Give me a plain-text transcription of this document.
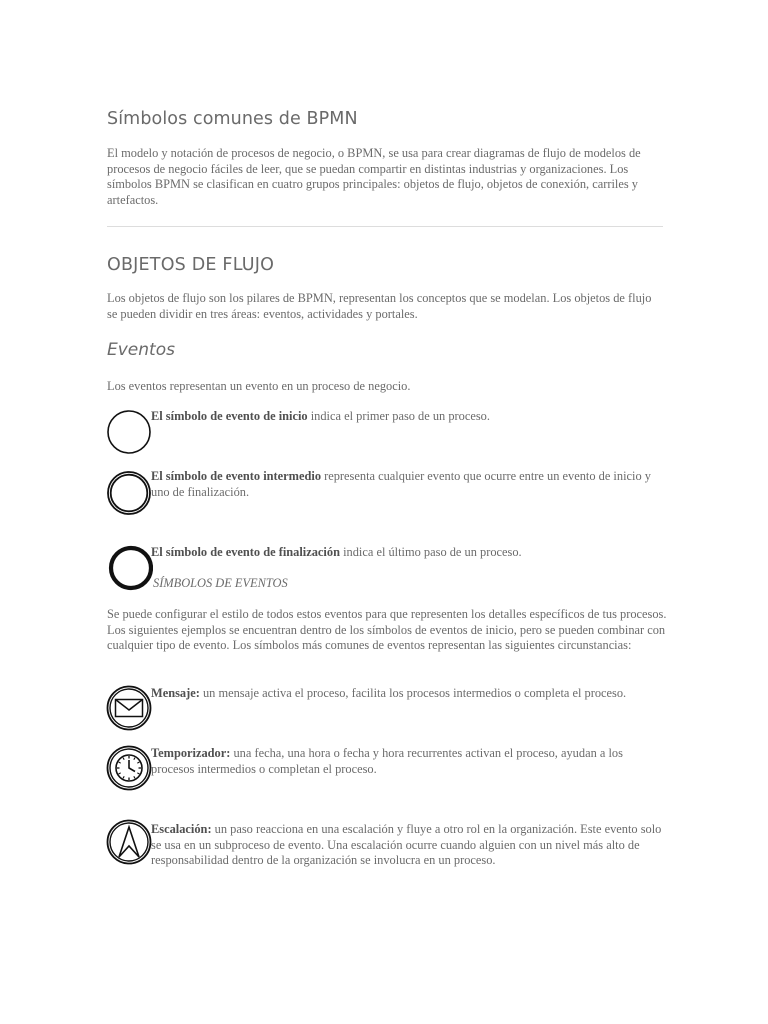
Símbolos comunes de BPMN

El modelo y notación de procesos de negocio, o BPMN, se usa para crear diagramas de flujo de modelos de procesos de negocio fáciles de leer, que se puedan compartir en distintas industrias y organizaciones. Los símbolos BPMN se clasifican en cuatro grupos principales: objetos de flujo, objetos de conexión, carriles y artefactos.

OBJETOS DE FLUJO

Los objetos de flujo son los pilares de BPMN, representan los conceptos que se modelan. Los objetos de flujo se pueden dividir en tres áreas: eventos, actividades y portales.

Eventos

Los eventos representan un evento en un proceso de negocio.

El símbolo de evento de inicio indica el primer paso de un proceso.

El símbolo de evento intermedio representa cualquier evento que ocurre entre un evento de inicio y uno de finalización.

El símbolo de evento de finalización indica el último paso de un proceso.

SÍMBOLOS DE EVENTOS

Se puede configurar el estilo de todos estos eventos para que representen los detalles específicos de tus procesos. Los siguientes ejemplos se encuentran dentro de los símbolos de eventos de inicio, pero se pueden combinar con cualquier tipo de evento. Los símbolos más comunes de eventos representan las siguientes circunstancias:

Mensaje: un mensaje activa el proceso, facilita los procesos intermedios o completa el proceso.

Temporizador: una fecha, una hora o fecha y hora recurrentes activan el proceso, ayudan a los procesos intermedios o completan el proceso.

Escalación: un paso reacciona en una escalación y fluye a otro rol en la organización. Este evento solo se usa en un subproceso de evento. Una escalación ocurre cuando alguien con un nivel más alto de responsabilidad dentro de la organización se involucra en un proceso.
